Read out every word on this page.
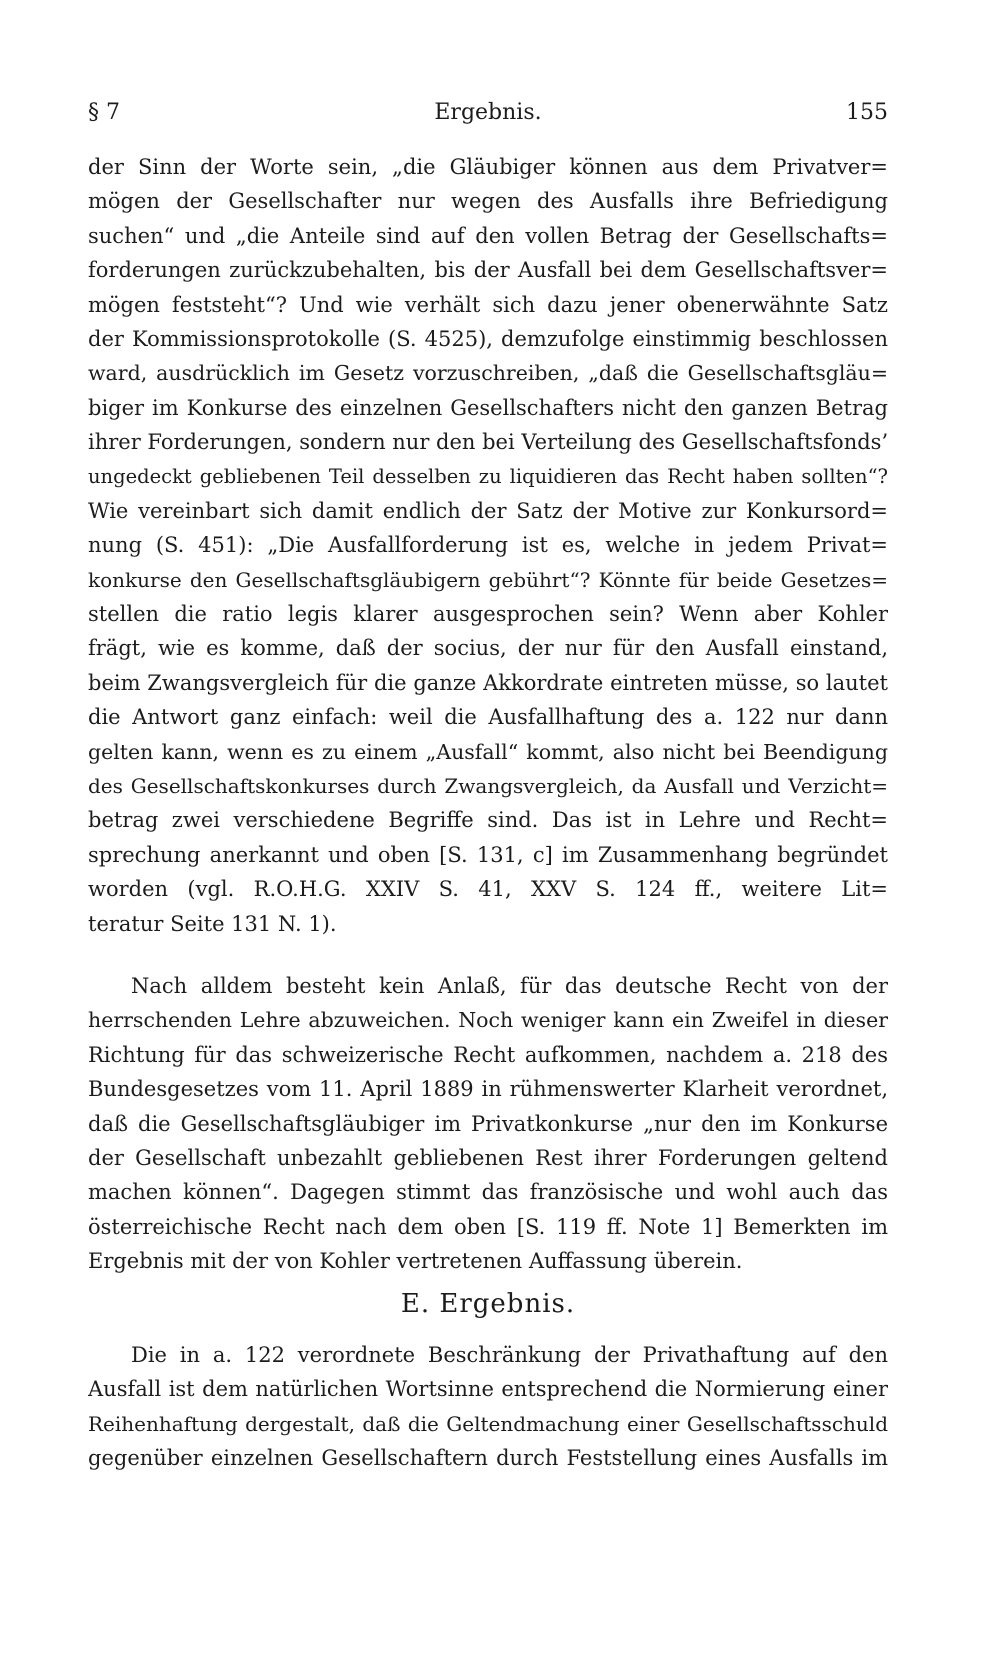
§ 7	Ergebnis.	155
der Sinn der Worte sein, „die Gläubiger können aus dem Privatver=
mögen der Gesellschafter nur wegen des Ausfalls ihre Befriedigung
suchen“ und „die Anteile sind auf den vollen Betrag der Gesellschafts=
forderungen zurückzubehalten, bis der Ausfall bei dem Gesellschaftsver=
mögen feststeht“? Und wie verhält sich dazu jener obenerwähnte Satz
der Kommissionsprotokolle (S. 4525), demzufolge einstimmig beschlossen
ward, ausdrücklich im Gesetz vorzuschreiben, „daß die Gesellschaftsgläu=
biger im Konkurse des einzelnen Gesellschafters nicht den ganzen Betrag
ihrer Forderungen, sondern nur den bei Verteilung des Gesellschaftsfonds’
ungedeckt gebliebenen Teil desselben zu liquidieren das Recht haben sollten“?
Wie vereinbart sich damit endlich der Satz der Motive zur Konkursord=
nung (S. 451): „Die Ausfallforderung ist es, welche in jedem Privat=
konkurse den Gesellschaftsgläubigern gebührt“? Könnte für beide Gesetzes=
stellen die ratio legis klarer ausgesprochen sein? Wenn aber Kohler
frägt, wie es komme, daß der socius, der nur für den Ausfall einstand,
beim Zwangsvergleich für die ganze Akkordrate eintreten müsse, so lautet
die Antwort ganz einfach: weil die Ausfallhaftung des a. 122 nur dann
gelten kann, wenn es zu einem „Ausfall“ kommt, also nicht bei Beendigung
des Gesellschaftskonkurses durch Zwangsvergleich, da Ausfall und Verzicht=
betrag zwei verschiedene Begriffe sind. Das ist in Lehre und Recht=
sprechung anerkannt und oben [S. 131, c] im Zusammenhang begründet
worden (vgl. R.O.H.G. XXIV S. 41, XXV S. 124 ff., weitere Lit=
teratur Seite 131 N. 1).
Nach alldem besteht kein Anlaß, für das deutsche Recht von der
herrschenden Lehre abzuweichen. Noch weniger kann ein Zweifel in dieser
Richtung für das schweizerische Recht aufkommen, nachdem a. 218 des
Bundesgesetzes vom 11. April 1889 in rühmenswerter Klarheit verordnet,
daß die Gesellschaftsgläubiger im Privatkonkurse „nur den im Konkurse
der Gesellschaft unbezahlt gebliebenen Rest ihrer Forderungen geltend
machen können“. Dagegen stimmt das französische und wohl auch das
österreichische Recht nach dem oben [S. 119 ff. Note 1] Bemerkten im
Ergebnis mit der von Kohler vertretenen Auffassung überein.
E. Ergebnis.
Die in a. 122 verordnete Beschränkung der Privathaftung auf den
Ausfall ist dem natürlichen Wortsinne entsprechend die Normierung einer
Reihenhaftung dergestalt, daß die Geltendmachung einer Gesellschaftsschuld
gegenüber einzelnen Gesellschaftern durch Feststellung eines Ausfalls im
